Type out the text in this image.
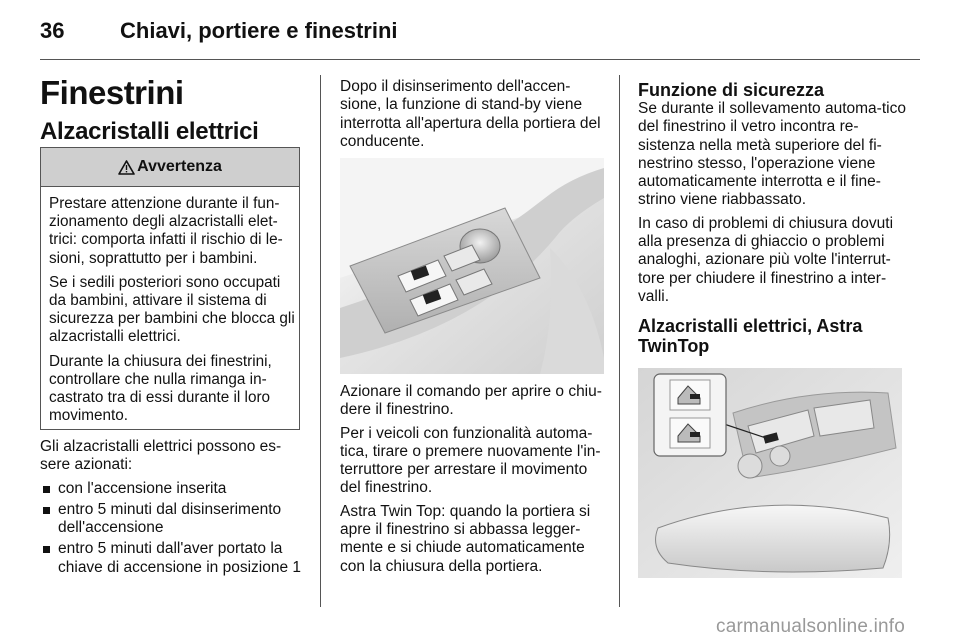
36	Chiavi, portiere e finestrini
Finestrini
Alzacristalli elettrici
Avvertenza

Prestare attenzione durante il fun-zionamento degli alzacristalli elet-trici: comporta infatti il rischio di le-sioni, soprattutto per i bambini.

Se i sedili posteriori sono occupati da bambini, attivare il sistema di sicurezza per bambini che blocca gli alzacristalli elettrici.

Durante la chiusura dei finestrini, controllare che nulla rimanga in-castrato tra di essi durante il loro movimento.

Gli alzacristalli elettrici possono es-sere azionati:

con l'accensione inserita
entro 5 minuti dal disinserimento dell'accensione
entro 5 minuti dall'aver portato la chiave di accensione in posizione 1

Dopo il disinserimento dell'accen-sione, la funzione di stand-by viene interrotta all'apertura della portiera del conducente.

Azionare il comando per aprire o chiu-dere il finestrino.

Per i veicoli con funzionalità automa-tica, tirare o premere nuovamente l'in-terruttore per arrestare il movimento del finestrino.

Astra Twin Top: quando la portiera si apre il finestrino si abbassa legger-mente e si chiude automaticamente con la chiusura della portiera.

Funzione di sicurezza

Se durante il sollevamento automa-tico del finestrino il vetro incontra re-sistenza nella metà superiore del fi-nestrino stesso, l'operazione viene automaticamente interrotta e il fine-strino viene riabbassato.

In caso di problemi di chiusura dovuti alla presenza di ghiaccio o problemi analoghi, azionare più volte l'interrut-tore per chiudere il finestrino a inter-valli.

Alzacristalli elettrici, Astra TwinTop
carmanualsonline.info
